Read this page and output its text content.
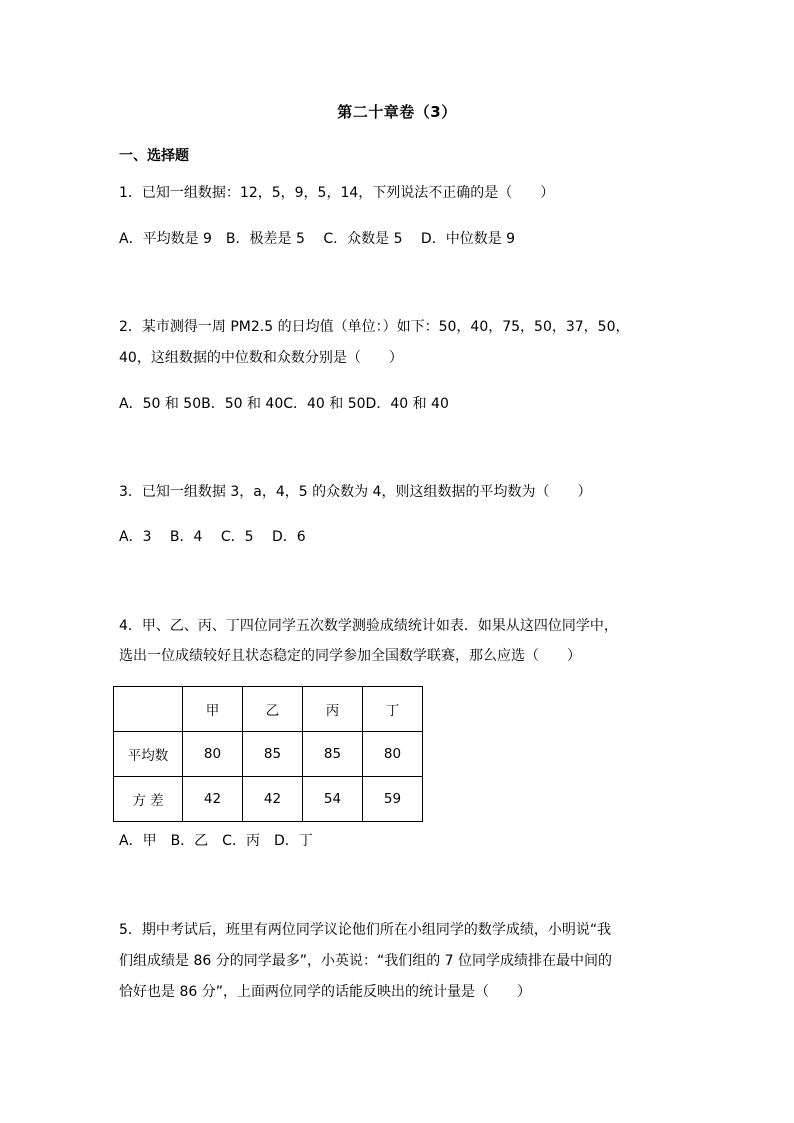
第二十章卷（3）
一、选择题
1．已知一组数据：12，5，9，5，14，下列说法不正确的是（　　）
A．平均数是 9　B．极差是 5　 C．众数是 5　 D．中位数是 9
2．某市测得一周 PM2.5 的日均值（单位：）如下：50，40，75，50，37，50，
40，这组数据的中位数和众数分别是（　　）
A．50 和 50B．50 和 40C．40 和 50D．40 和 40
3．已知一组数据 3，a，4，5 的众数为 4，则这组数据的平均数为（　　）
A．3　 B．4　 C．5　 D．6
4．甲、乙、丙、丁四位同学五次数学测验成绩统计如表．如果从这四位同学中，
选出一位成绩较好且状态稳定的同学参加全国数学联赛，那么应选（　　）
	甲	乙	丙	丁
平均数	80	85	85	80
方 差	42	42	54	59
A．甲　B．乙　C．丙　D．丁
5．期中考试后，班里有两位同学议论他们所在小组同学的数学成绩，小明说“我
们组成绩是 86 分的同学最多”，小英说：“我们组的 7 位同学成绩排在最中间的
恰好也是 86 分”，上面两位同学的话能反映出的统计量是（　　）
